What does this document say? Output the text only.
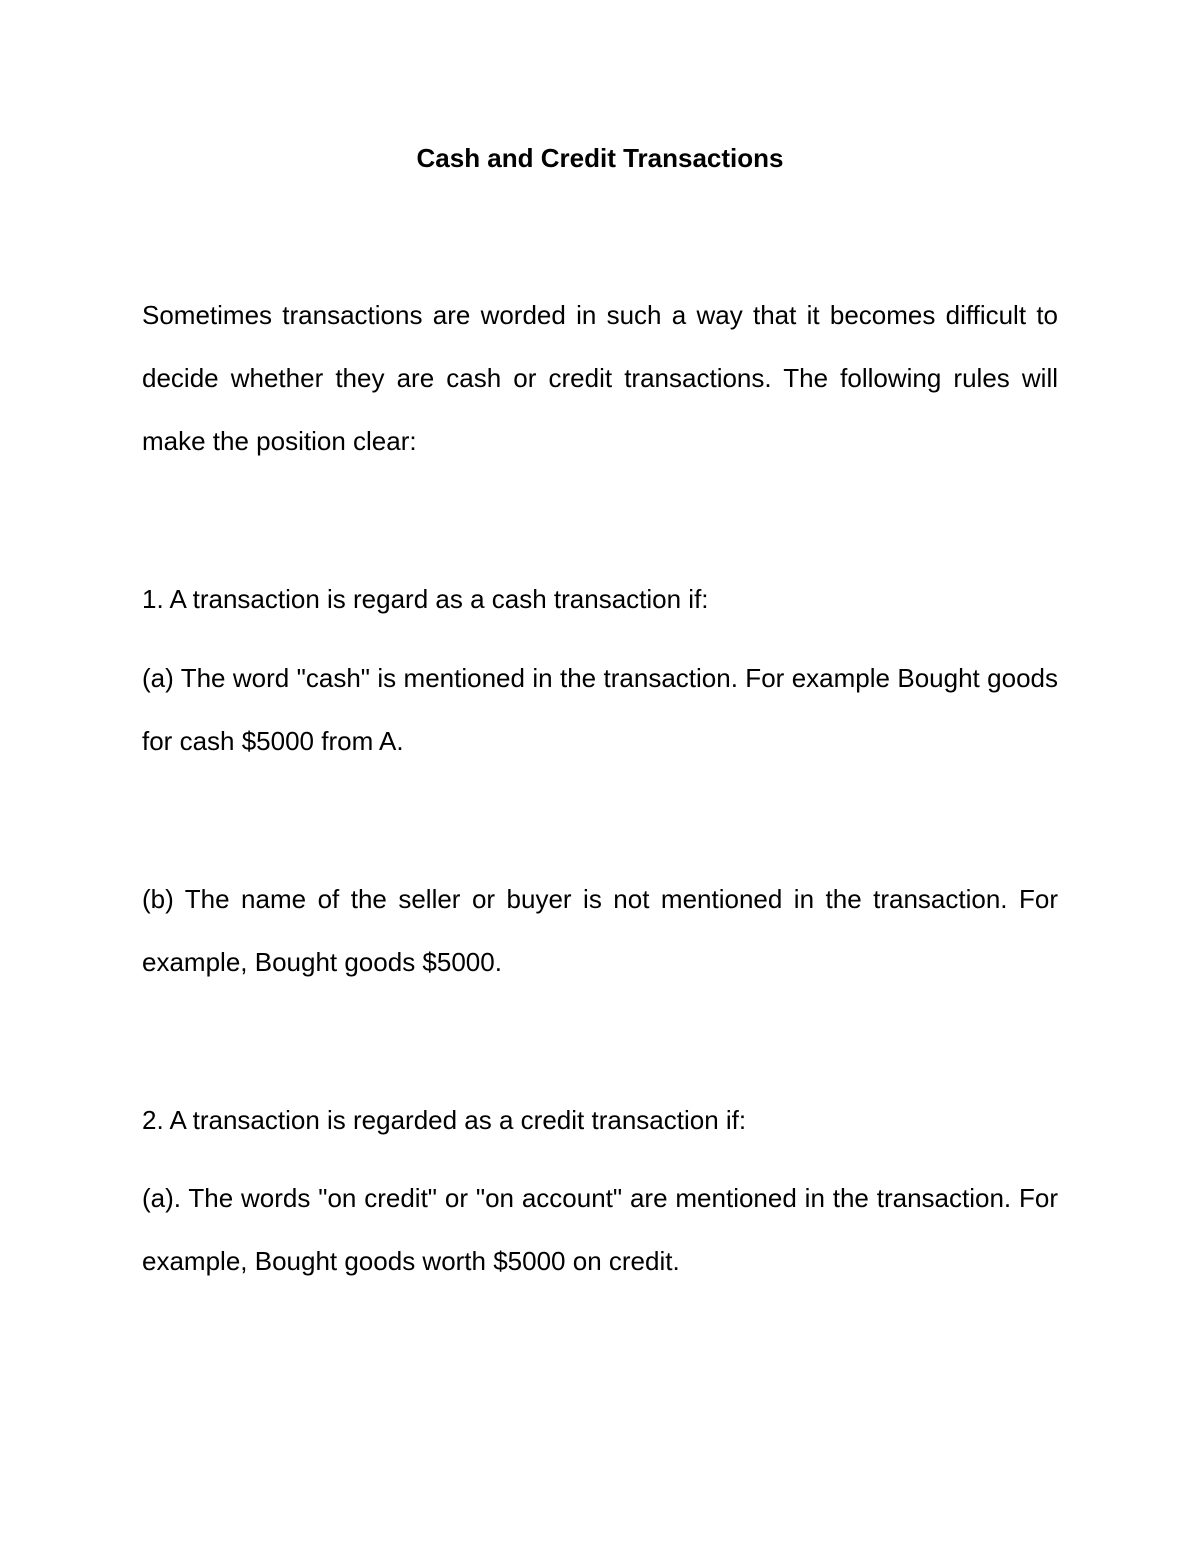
Cash and Credit Transactions

Sometimes transactions are worded in such a way that it becomes difficult to decide whether they are cash or credit transactions. The following rules will make the position clear:

1. A transaction is regard as a cash transaction if:

(a) The word "cash" is mentioned in the transaction. For example Bought goods for cash $5000 from A.

(b) The name of the seller or buyer is not mentioned in the transaction. For example, Bought goods $5000.

2. A transaction is regarded as a credit transaction if:

(a). The words "on credit" or "on account" are mentioned in the transaction. For example, Bought goods worth $5000 on credit.
